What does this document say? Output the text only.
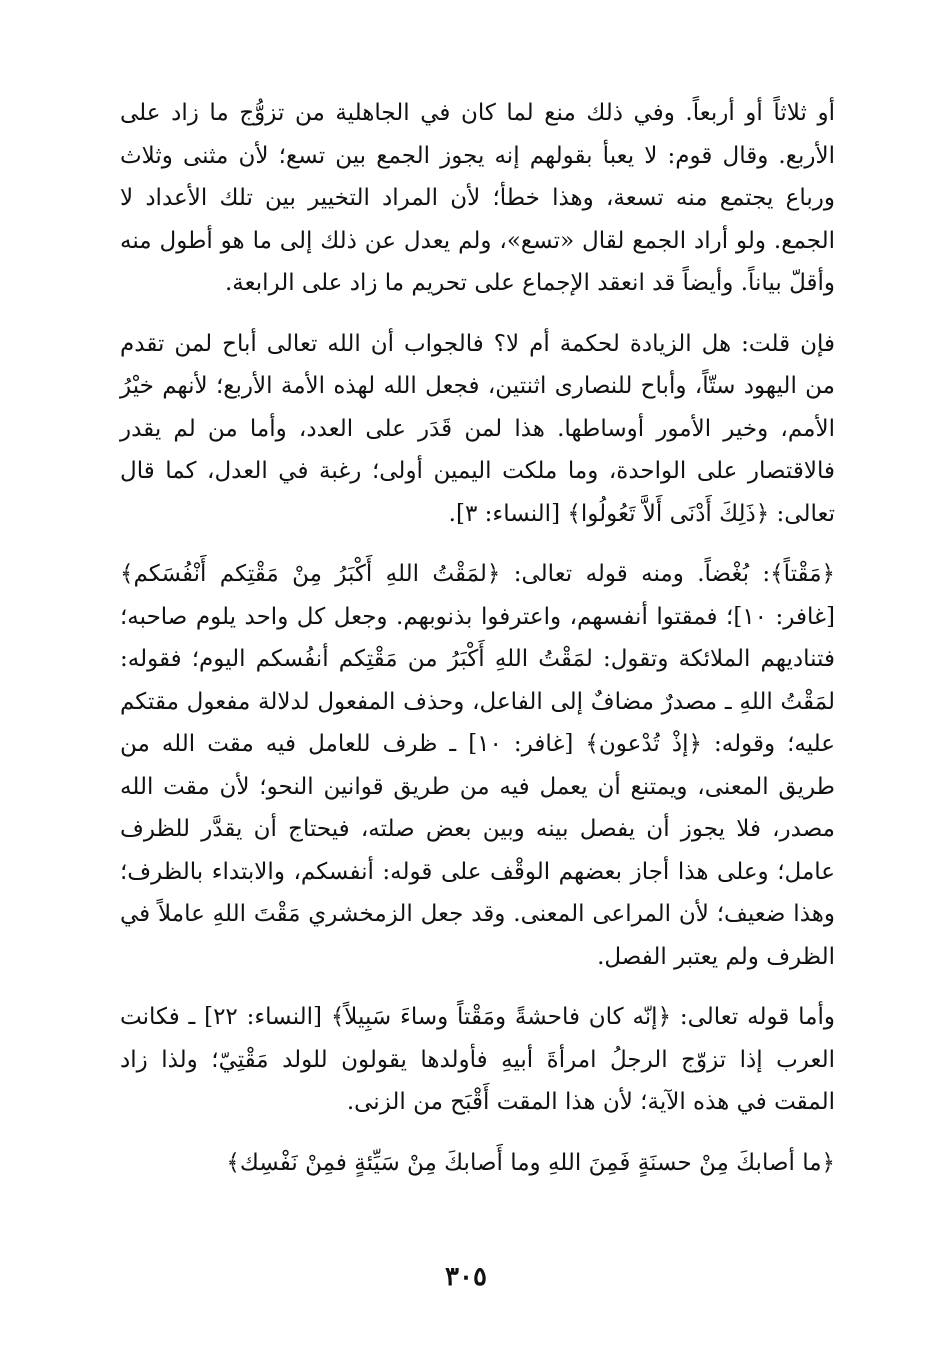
أو ثلاثاً أو أربعاً. وفي ذلك منع لما كان في الجاهلية من تزوُّج ما زاد على الأربع. وقال قوم: لا يعبأ بقولهم إنه يجوز الجمع بين تسع؛ لأن مثنى وثلاث ورباع يجتمع منه تسعة، وهذا خطأ؛ لأن المراد التخيير بين تلك الأعداد لا الجمع. ولو أراد الجمع لقال «تسع»، ولم يعدل عن ذلك إلى ما هو أطول منه وأقلّ بياناً. وأيضاً قد انعقد الإجماع على تحريم ما زاد على الرابعة.

فإن قلت: هل الزيادة لحكمة أم لا؟ فالجواب أن الله تعالى أباح لمن تقدم من اليهود ستّاً، وأباح للنصارى اثنتين، فجعل الله لهذه الأمة الأربع؛ لأنهم خيْرُ الأمم، وخير الأمور أوساطها. هذا لمن قَدَر على العدد، وأما من لم يقدر فالاقتصار على الواحدة، وما ملكت اليمين أولى؛ رغبة في العدل، كما قال تعالى: ﴿ذَلِكَ أَدْنَى أَلاَّ تَعُولُوا﴾ [النساء: ٣].

﴿مَقْتاً﴾: بُغْضاً. ومنه قوله تعالى: ﴿لمَقْتُ اللهِ أَكْبَرُ مِنْ مَقْتِكم أَنْفُسَكم﴾ [غافر: ١٠]؛ فمقتوا أنفسهم، واعترفوا بذنوبهم. وجعل كل واحد يلوم صاحبه؛ فتناديهم الملائكة وتقول: لمَقْتُ اللهِ أَكْبَرُ من مَقْتِكم أنفُسكم اليوم؛ فقوله: لمَقْتُ اللهِ ـ مصدرٌ مضافٌ إلى الفاعل، وحذف المفعول لدلالة مفعول مقتكم عليه؛ وقوله: ﴿إذْ تُدْعون﴾ [غافر: ١٠] ـ ظرف للعامل فيه مقت الله من طريق المعنى، ويمتنع أن يعمل فيه من طريق قوانين النحو؛ لأن مقت الله مصدر، فلا يجوز أن يفصل بينه وبين بعض صلته، فيحتاج أن يقدَّر للظرف عامل؛ وعلى هذا أجاز بعضهم الوقْف على قوله: أنفسكم، والابتداء بالظرف؛ وهذا ضعيف؛ لأن المراعى المعنى. وقد جعل الزمخشري مَقْتَ اللهِ عاملاً في الظرف ولم يعتبر الفصل.

وأما قوله تعالى: ﴿إنّه كان فاحشةً ومَقْتاً وساءَ سَبِيلاً﴾ [النساء: ٢٢] ـ فكانت العرب إذا تزوّج الرجلُ امرأةَ أبيهِ فأولدها يقولون للولد مَقْتِيّ؛ ولذا زاد المقت في هذه الآية؛ لأن هذا المقت أَقْبَح من الزنى.

﴿ما أصابكَ مِنْ حسنَةٍ فَمِنَ اللهِ وما أَصابكَ مِنْ سَيِّئةٍ فمِنْ نَفْسِك﴾

٣٠٥
